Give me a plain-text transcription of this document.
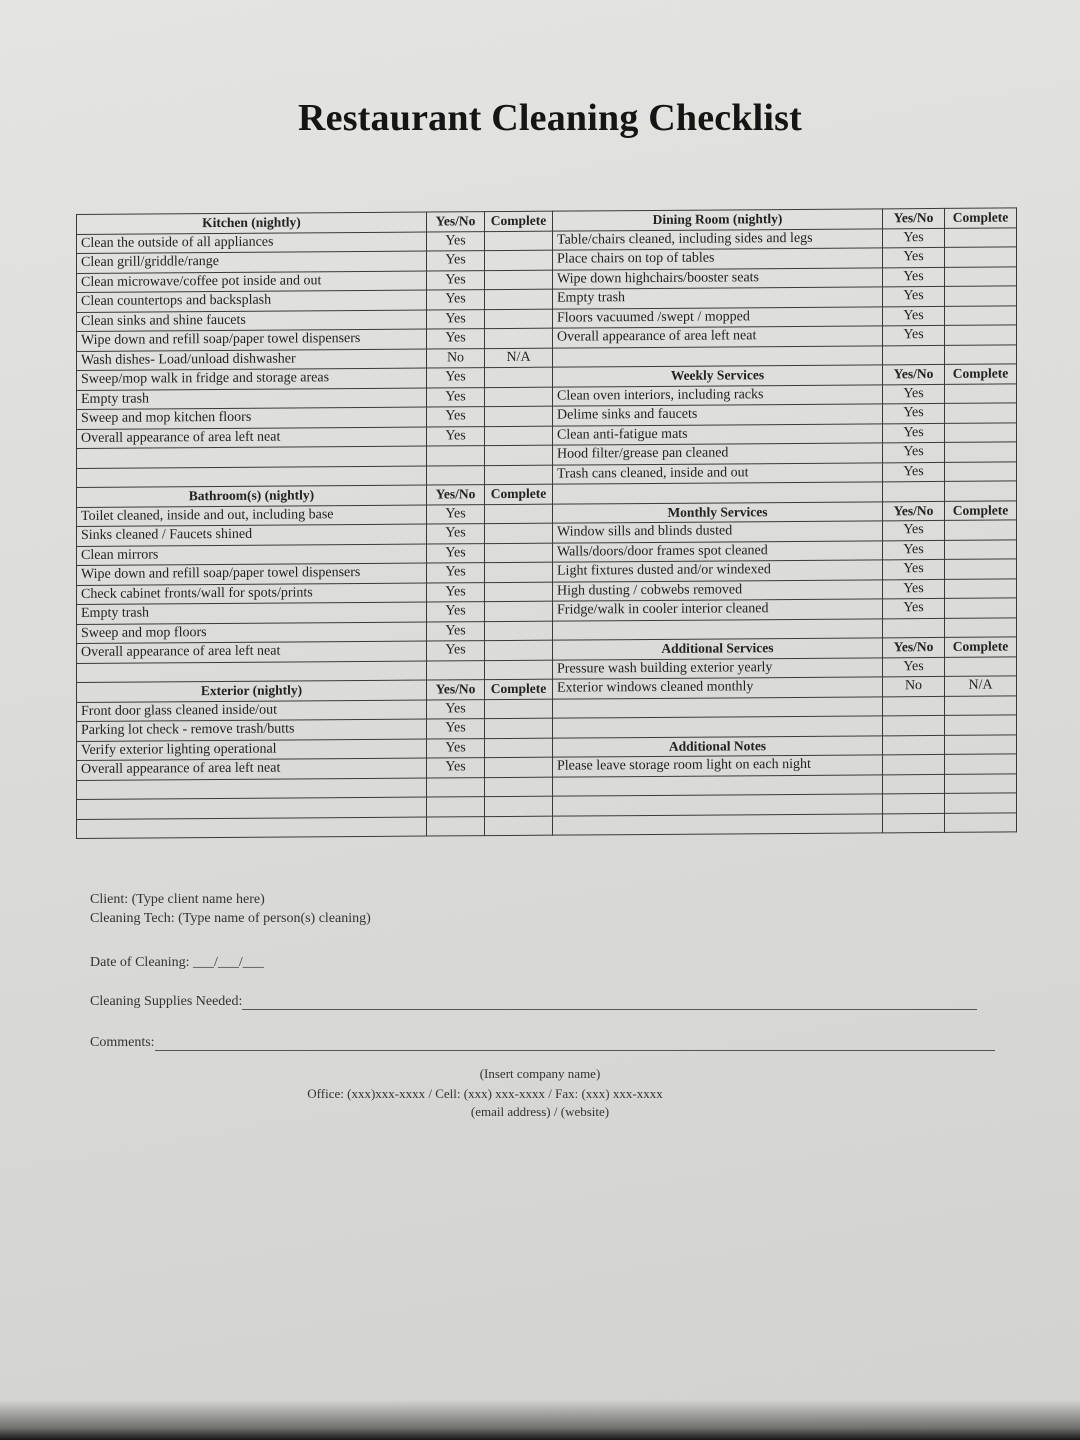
Restaurant Cleaning Checklist
Kitchen (nightly)	Yes/No	Complete
Clean the outside of all appliances	Yes	
Clean grill/griddle/range	Yes	
Clean microwave/coffee pot inside and out	Yes	
Clean countertops and backsplash	Yes	
Clean sinks and shine faucets	Yes	
Wipe down and refill soap/paper towel dispensers	Yes	
Wash dishes- Load/unload dishwasher	No	N/A
Sweep/mop walk in fridge and storage areas	Yes	
Empty trash	Yes	
Sweep and mop kitchen floors	Yes	
Overall appearance of area left neat	Yes	

Bathroom(s) (nightly)	Yes/No	Complete
Toilet cleaned, inside and out, including base	Yes	
Sinks cleaned / Faucets shined	Yes	
Clean mirrors	Yes	
Wipe down and refill soap/paper towel dispensers	Yes	
Check cabinet fronts/wall for spots/prints	Yes	
Empty trash	Yes	
Sweep and mop floors	Yes	
Overall appearance of area left neat	Yes	

Exterior (nightly)	Yes/No	Complete
Front door glass cleaned inside/out	Yes	
Parking lot check - remove trash/butts	Yes	
Verify exterior lighting operational	Yes	
Overall appearance of area left neat	Yes	

Dining Room (nightly)	Yes/No	Complete
Table/chairs cleaned, including sides and legs	Yes	
Place chairs on top of tables	Yes	
Wipe down highchairs/booster seats	Yes	
Empty trash	Yes	
Floors vacuumed /swept / mopped	Yes	
Overall appearance of area left neat	Yes	

Weekly Services	Yes/No	Complete
Clean oven interiors, including racks	Yes	
Delime sinks and faucets	Yes	
Clean anti-fatigue mats	Yes	
Hood filter/grease pan cleaned	Yes	
Trash cans cleaned, inside and out	Yes	

Monthly Services	Yes/No	Complete
Window sills and blinds dusted	Yes	
Walls/doors/door frames spot cleaned	Yes	
Light fixtures dusted and/or windexed	Yes	
High dusting / cobwebs removed	Yes	
Fridge/walk in cooler interior cleaned	Yes	

Additional Services	Yes/No	Complete
Pressure wash building exterior yearly	Yes	
Exterior windows cleaned monthly	No	N/A

Additional Notes		
Please leave storage room light on each night		

Client: (Type client name here)
Cleaning Tech: (Type name of person(s) cleaning)
Date of Cleaning: ___/___/___
Cleaning Supplies Needed:
Comments:
(Insert company name)
Office: (xxx)xxx-xxxx / Cell: (xxx) xxx-xxxx / Fax: (xxx) xxx-xxxx
(email address) / (website)
